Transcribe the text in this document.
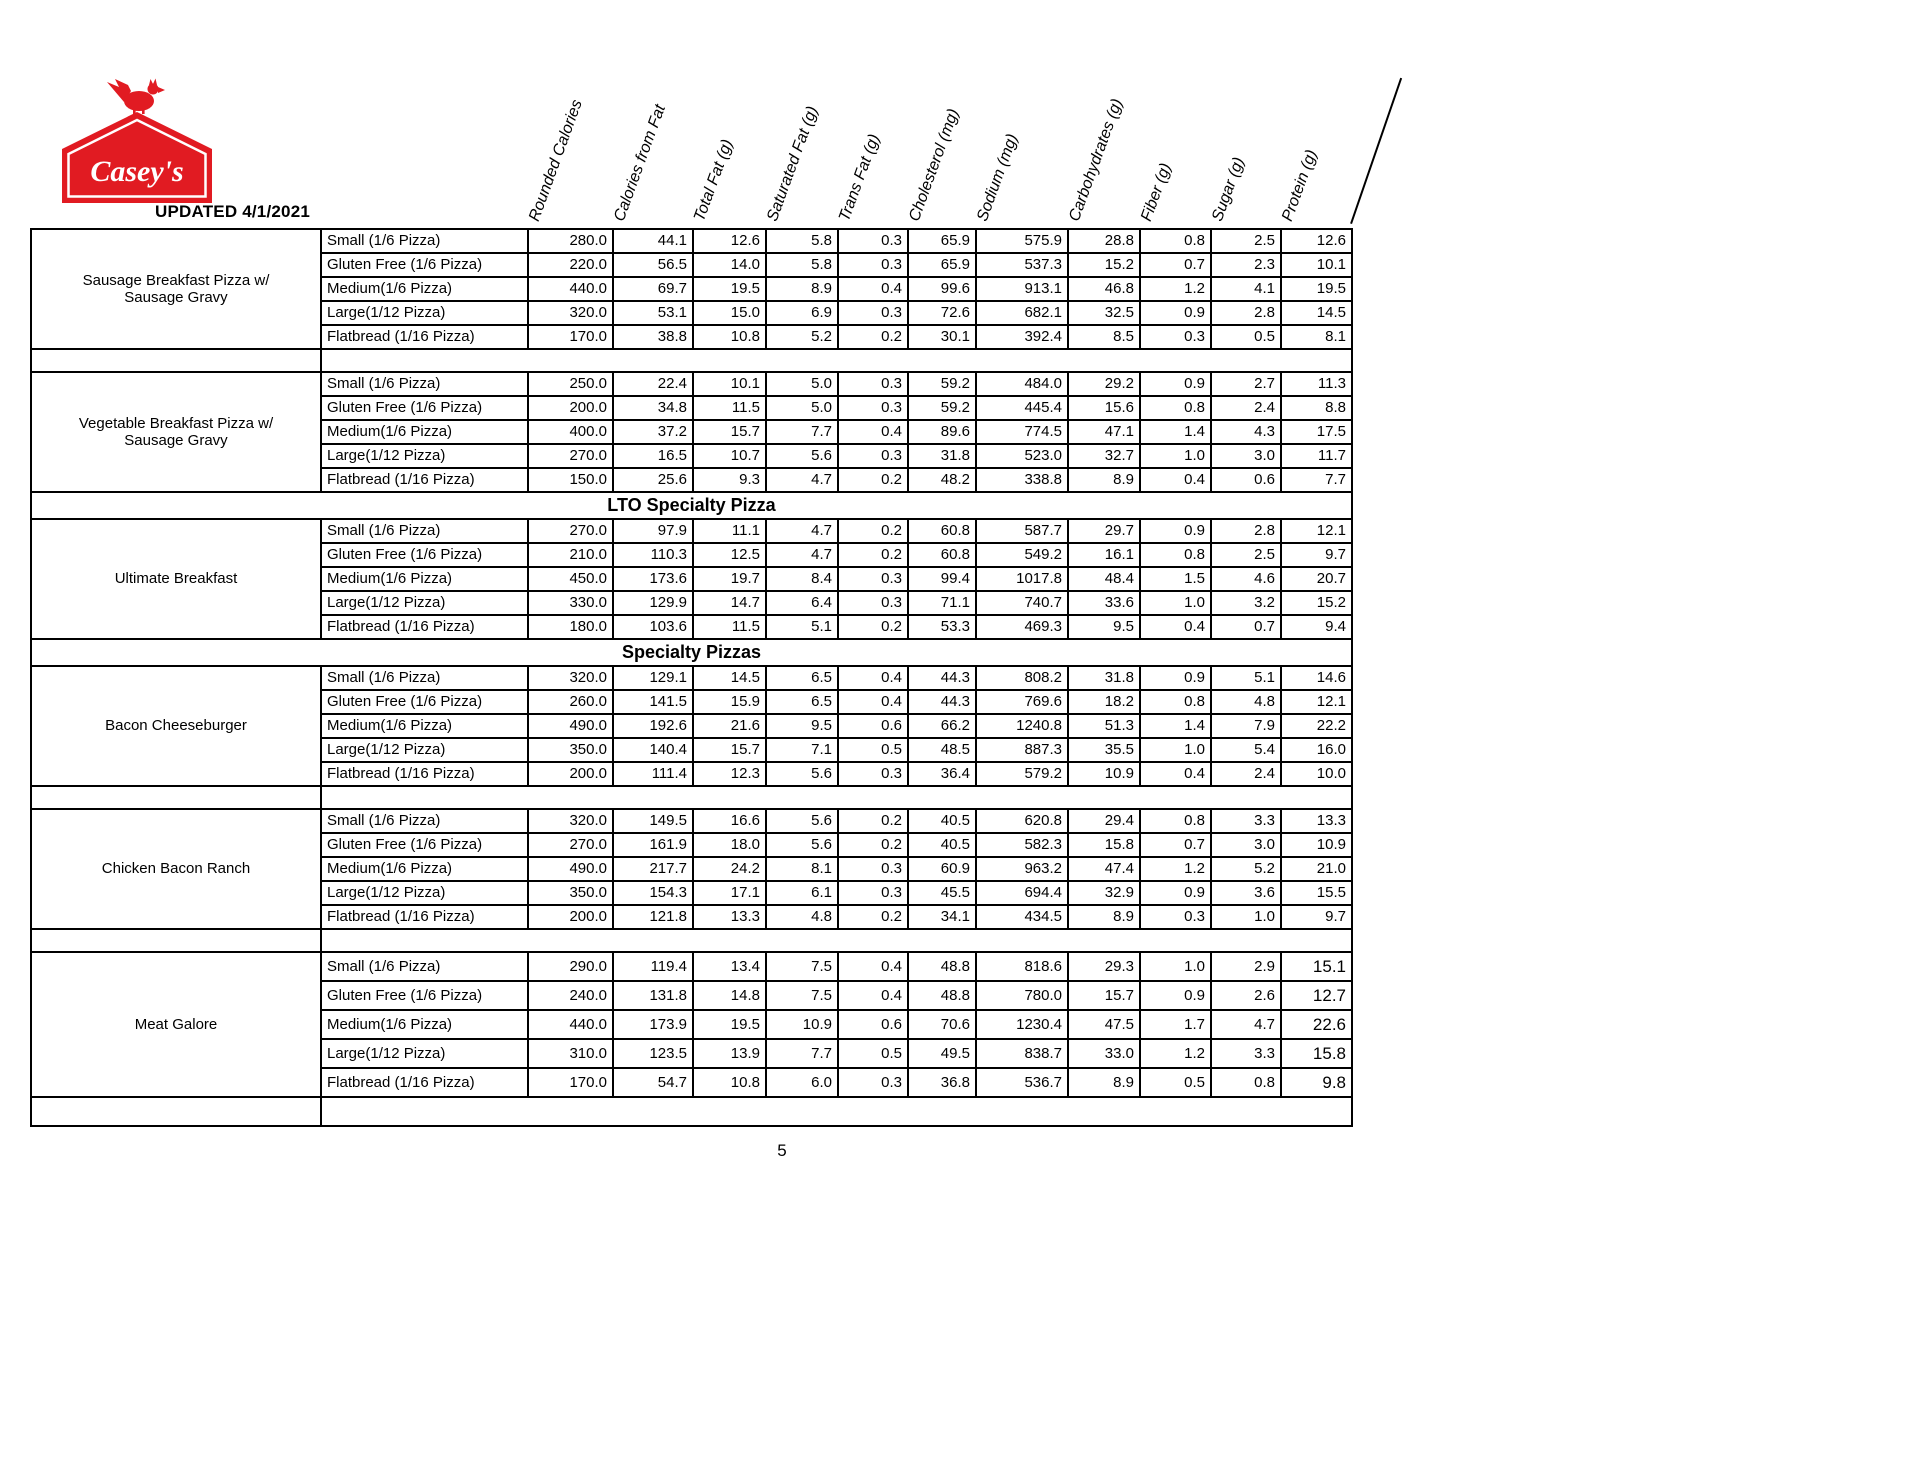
Casey's
UPDATED 4/1/2021	Rounded Calories Calories from Fat Total Fat (g) Saturated Fat (g) Trans Fat (g) Cholesterol (mg) Sodium (mg)	Carbohydrates (g) Fiber (g) Sugar (g) Protein (g)
Sausage Breakfast Pizza w/ Sausage Gravy	Small (1/6 Pizza)	280.0	44.1	12.6	5.8	0.3	65.9	575.9	28.8	0.8	2.5	12.6
	Gluten Free (1/6 Pizza)	220.0	56.5	14.0	5.8	0.3	65.9	537.3	15.2	0.7	2.3	10.1
	Medium(1/6 Pizza)	440.0	69.7	19.5	8.9	0.4	99.6	913.1	46.8	1.2	4.1	19.5
	Large(1/12 Pizza)	320.0	53.1	15.0	6.9	0.3	72.6	682.1	32.5	0.9	2.8	14.5
	Flatbread (1/16 Pizza)	170.0	38.8	10.8	5.2	0.2	30.1	392.4	8.5	0.3	0.5	8.1

Vegetable Breakfast Pizza w/ Sausage Gravy	Small (1/6 Pizza)	250.0	22.4	10.1	5.0	0.3	59.2	484.0	29.2	0.9	2.7	11.3
	Gluten Free (1/6 Pizza)	200.0	34.8	11.5	5.0	0.3	59.2	445.4	15.6	0.8	2.4	8.8
	Medium(1/6 Pizza)	400.0	37.2	15.7	7.7	0.4	89.6	774.5	47.1	1.4	4.3	17.5
	Large(1/12 Pizza)	270.0	16.5	10.7	5.6	0.3	31.8	523.0	32.7	1.0	3.0	11.7
	Flatbread (1/16 Pizza)	150.0	25.6	9.3	4.7	0.2	48.2	338.8	8.9	0.4	0.6	7.7
LTO Specialty Pizza												
Ultimate Breakfast	Small (1/6 Pizza)	270.0	97.9	11.1	4.7	0.2	60.8	587.7	29.7	0.9	2.8	12.1
	Gluten Free (1/6 Pizza)	210.0	110.3	12.5	4.7	0.2	60.8	549.2	16.1	0.8	2.5	9.7
	Medium(1/6 Pizza)	450.0	173.6	19.7	8.4	0.3	99.4	1017.8	48.4	1.5	4.6	20.7
	Large(1/12 Pizza)	330.0	129.9	14.7	6.4	0.3	71.1	740.7	33.6	1.0	3.2	15.2
	Flatbread (1/16 Pizza)	180.0	103.6	11.5	5.1	0.2	53.3	469.3	9.5	0.4	0.7	9.4
Specialty Pizzas												
Bacon Cheeseburger	Small (1/6 Pizza)	320.0	129.1	14.5	6.5	0.4	44.3	808.2	31.8	0.9	5.1	14.6
	Gluten Free (1/6 Pizza)	260.0	141.5	15.9	6.5	0.4	44.3	769.6	18.2	0.8	4.8	12.1
	Medium(1/6 Pizza)	490.0	192.6	21.6	9.5	0.6	66.2	1240.8	51.3	1.4	7.9	22.2
	Large(1/12 Pizza)	350.0	140.4	15.7	7.1	0.5	48.5	887.3	35.5	1.0	5.4	16.0
	Flatbread (1/16 Pizza)	200.0	111.4	12.3	5.6	0.3	36.4	579.2	10.9	0.4	2.4	10.0

Chicken Bacon Ranch	Small (1/6 Pizza)	320.0	149.5	16.6	5.6	0.2	40.5	620.8	29.4	0.8	3.3	13.3
	Gluten Free (1/6 Pizza)	270.0	161.9	18.0	5.6	0.2	40.5	582.3	15.8	0.7	3.0	10.9
	Medium(1/6 Pizza)	490.0	217.7	24.2	8.1	0.3	60.9	963.2	47.4	1.2	5.2	21.0
	Large(1/12 Pizza)	350.0	154.3	17.1	6.1	0.3	45.5	694.4	32.9	0.9	3.6	15.5
	Flatbread (1/16 Pizza)	200.0	121.8	13.3	4.8	0.2	34.1	434.5	8.9	0.3	1.0	9.7

Meat Galore	Small (1/6 Pizza)	290.0	119.4	13.4	7.5	0.4	48.8	818.6	29.3	1.0	2.9	15.1
	Gluten Free (1/6 Pizza)	240.0	131.8	14.8	7.5	0.4	48.8	780.0	15.7	0.9	2.6	12.7
	Medium(1/6 Pizza)	440.0	173.9	19.5	10.9	0.6	70.6	1230.4	47.5	1.7	4.7	22.6
	Large(1/12 Pizza)	310.0	123.5	13.9	7.7	0.5	49.5	838.7	33.0	1.2	3.3	15.8
	Flatbread (1/16 Pizza)	170.0	54.7	10.8	6.0	0.3	36.8	536.7	8.9	0.5	0.8	9.8

5
